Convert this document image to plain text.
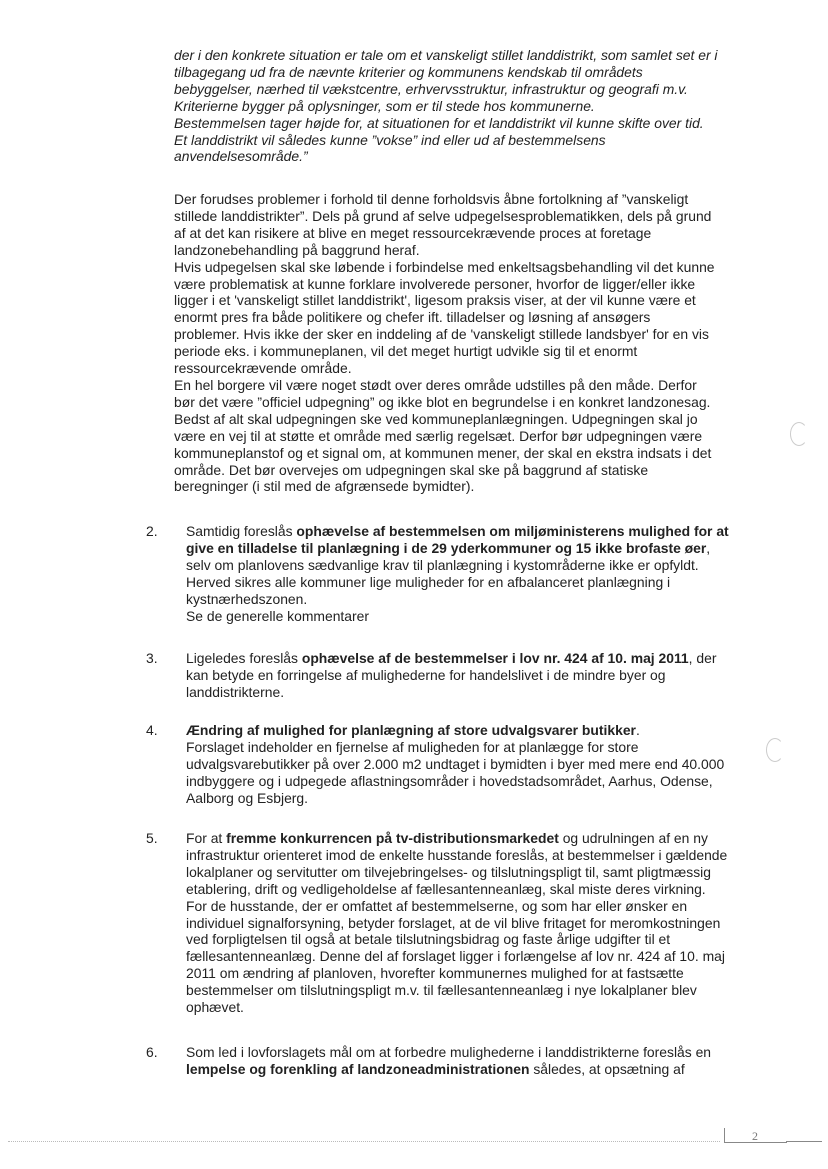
der i den konkrete situation er tale om et vanskeligt stillet landdistrikt, som samlet set er i
tilbagegang ud fra de nævnte kriterier og kommunens kendskab til områdets
bebyggelser, nærhed til vækstcentre, erhvervsstruktur, infrastruktur og geografi m.v.
Kriterierne bygger på oplysninger, som er til stede hos kommunerne.
Bestemmelsen tager højde for, at situationen for et landdistrikt vil kunne skifte over tid.
Et landdistrikt vil således kunne ”vokse” ind eller ud af bestemmelsens
anvendelsesområde.”
Der forudses problemer i forhold til denne forholdsvis åbne fortolkning af ”vanskeligt
stillede landdistrikter”. Dels på grund af selve udpegelsesproblematikken, dels på grund
af at det kan risikere at blive en meget ressourcekrævende proces at foretage
landzonebehandling på baggrund heraf.
Hvis udpegelsen skal ske løbende i forbindelse med enkeltsagsbehandling vil det kunne
være problematisk at kunne forklare involverede personer, hvorfor de ligger/eller ikke
ligger i et 'vanskeligt stillet landdistrikt', ligesom praksis viser, at der vil kunne være et
enormt pres fra både politikere og chefer ift. tilladelser og løsning af ansøgers
problemer. Hvis ikke der sker en inddeling af de 'vanskeligt stillede landsbyer' for en vis
periode eks. i kommuneplanen, vil det meget hurtigt udvikle sig til et enormt
ressourcekrævende område.
En hel borgere vil være noget stødt over deres område udstilles på den måde. Derfor
bør det være ”officiel udpegning” og ikke blot en begrundelse i en konkret landzonesag.
Bedst af alt skal udpegningen ske ved kommuneplanlægningen. Udpegningen skal jo
være en vej til at støtte et område med særlig regelsæt. Derfor bør udpegningen være
kommuneplanstof og et signal om, at kommunen mener, der skal en ekstra indsats i det
område. Det bør overvejes om udpegningen skal ske på baggrund af statiske
beregninger (i stil med de afgrænsede bymidter).
2.	Samtidig foreslås ophævelse af bestemmelsen om miljøministerens mulighed for at
give en tilladelse til planlægning i de 29 yderkommuner og 15 ikke brofaste øer,
selv om planlovens sædvanlige krav til planlægning i kystområderne ikke er opfyldt.
Herved sikres alle kommuner lige muligheder for en afbalanceret planlægning i
kystnærhedszonen.
Se de generelle kommentarer
3.	Ligeledes foreslås ophævelse af de bestemmelser i lov nr. 424 af 10. maj 2011, der
kan betyde en forringelse af mulighederne for handelslivet i de mindre byer og
landdistrikterne.
4.	Ændring af mulighed for planlægning af store udvalgsvarer butikker.
Forslaget indeholder en fjernelse af muligheden for at planlægge for store
udvalgsvarebutikker på over 2.000 m2 undtaget i bymidten i byer med mere end 40.000
indbyggere og i udpegede aflastningsområder i hovedstadsområdet, Aarhus, Odense,
Aalborg og Esbjerg.
5.	For at fremme konkurrencen på tv-distributionsmarkedet og udrulningen af en ny
infrastruktur orienteret imod de enkelte husstande foreslås, at bestemmelser i gældende
lokalplaner og servitutter om tilvejebringelses- og tilslutningspligt til, samt pligtmæssig
etablering, drift og vedligeholdelse af fællesantenneanlæg, skal miste deres virkning.
For de husstande, der er omfattet af bestemmelserne, og som har eller ønsker en
individuel signalforsyning, betyder forslaget, at de vil blive fritaget for meromkostningen
ved forpligtelsen til også at betale tilslutningsbidrag og faste årlige udgifter til et
fællesantenneanlæg. Denne del af forslaget ligger i forlængelse af lov nr. 424 af 10. maj
2011 om ændring af planloven, hvorefter kommunernes mulighed for at fastsætte
bestemmelser om tilslutningspligt m.v. til fællesantenneanlæg i nye lokalplaner blev
ophævet.
6.	Som led i lovforslagets mål om at forbedre mulighederne i landdistrikterne foreslås en
lempelse og forenkling af landzoneadministrationen således, at opsætning af
2
